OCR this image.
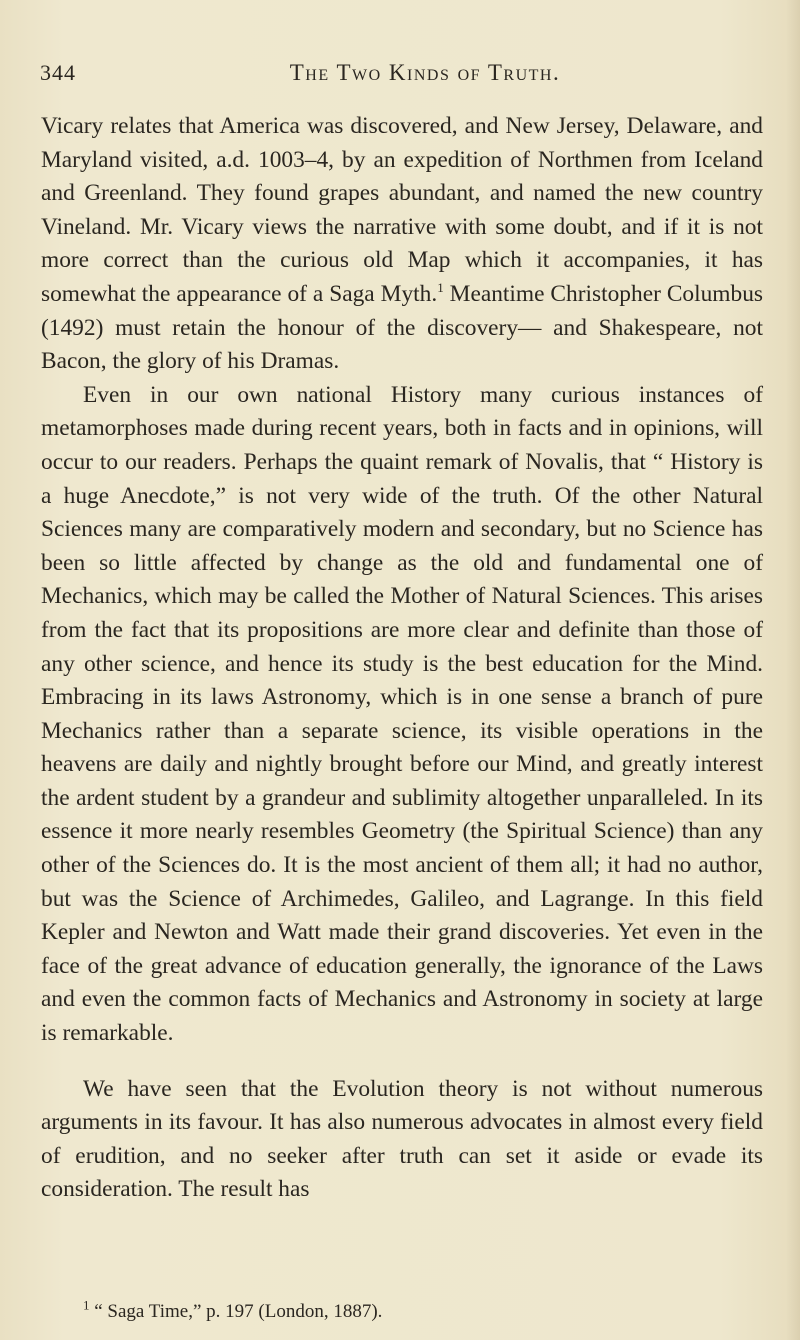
344	The Two Kinds of Truth.

Vicary relates that America was discovered, and New Jersey, Delaware, and Maryland visited, a.d. 1003–4, by an expedition of Northmen from Iceland and Greenland. They found grapes abundant, and named the new country Vineland. Mr. Vicary views the narrative with some doubt, and if it is not more correct than the curious old Map which it accompanies, it has somewhat the appearance of a Saga Myth.$^1$ Meantime Christopher Columbus (1492) must retain the honour of the discovery— and Shakespeare, not Bacon, the glory of his Dramas.

Even in our own national History many curious instances of metamorphoses made during recent years, both in facts and in opinions, will occur to our readers. Perhaps the quaint remark of Novalis, that “ History is a huge Anecdote,” is not very wide of the truth. Of the other Natural Sciences many are comparatively modern and secondary, but no Science has been so little affected by change as the old and fundamental one of Mechanics, which may be called the Mother of Natural Sciences. This arises from the fact that its propositions are more clear and definite than those of any other science, and hence its study is the best education for the Mind. Embracing in its laws Astronomy, which is in one sense a branch of pure Mechanics rather than a separate science, its visible operations in the heavens are daily and nightly brought before our Mind, and greatly interest the ardent student by a grandeur and sublimity altogether unparalleled. In its essence it more nearly resembles Geometry (the Spiritual Science) than any other of the Sciences do. It is the most ancient of them all; it had no author, but was the Science of Archimedes, Galileo, and Lagrange. In this field Kepler and Newton and Watt made their grand discoveries. Yet even in the face of the great advance of education generally, the ignorance of the Laws and even the common facts of Mechanics and Astronomy in society at large is remarkable.

We have seen that the Evolution theory is not without numerous arguments in its favour. It has also numerous advocates in almost every field of erudition, and no seeker after truth can set it aside or evade its consideration. The result has

$^1$ “ Saga Time,” p. 197 (London, 1887).
